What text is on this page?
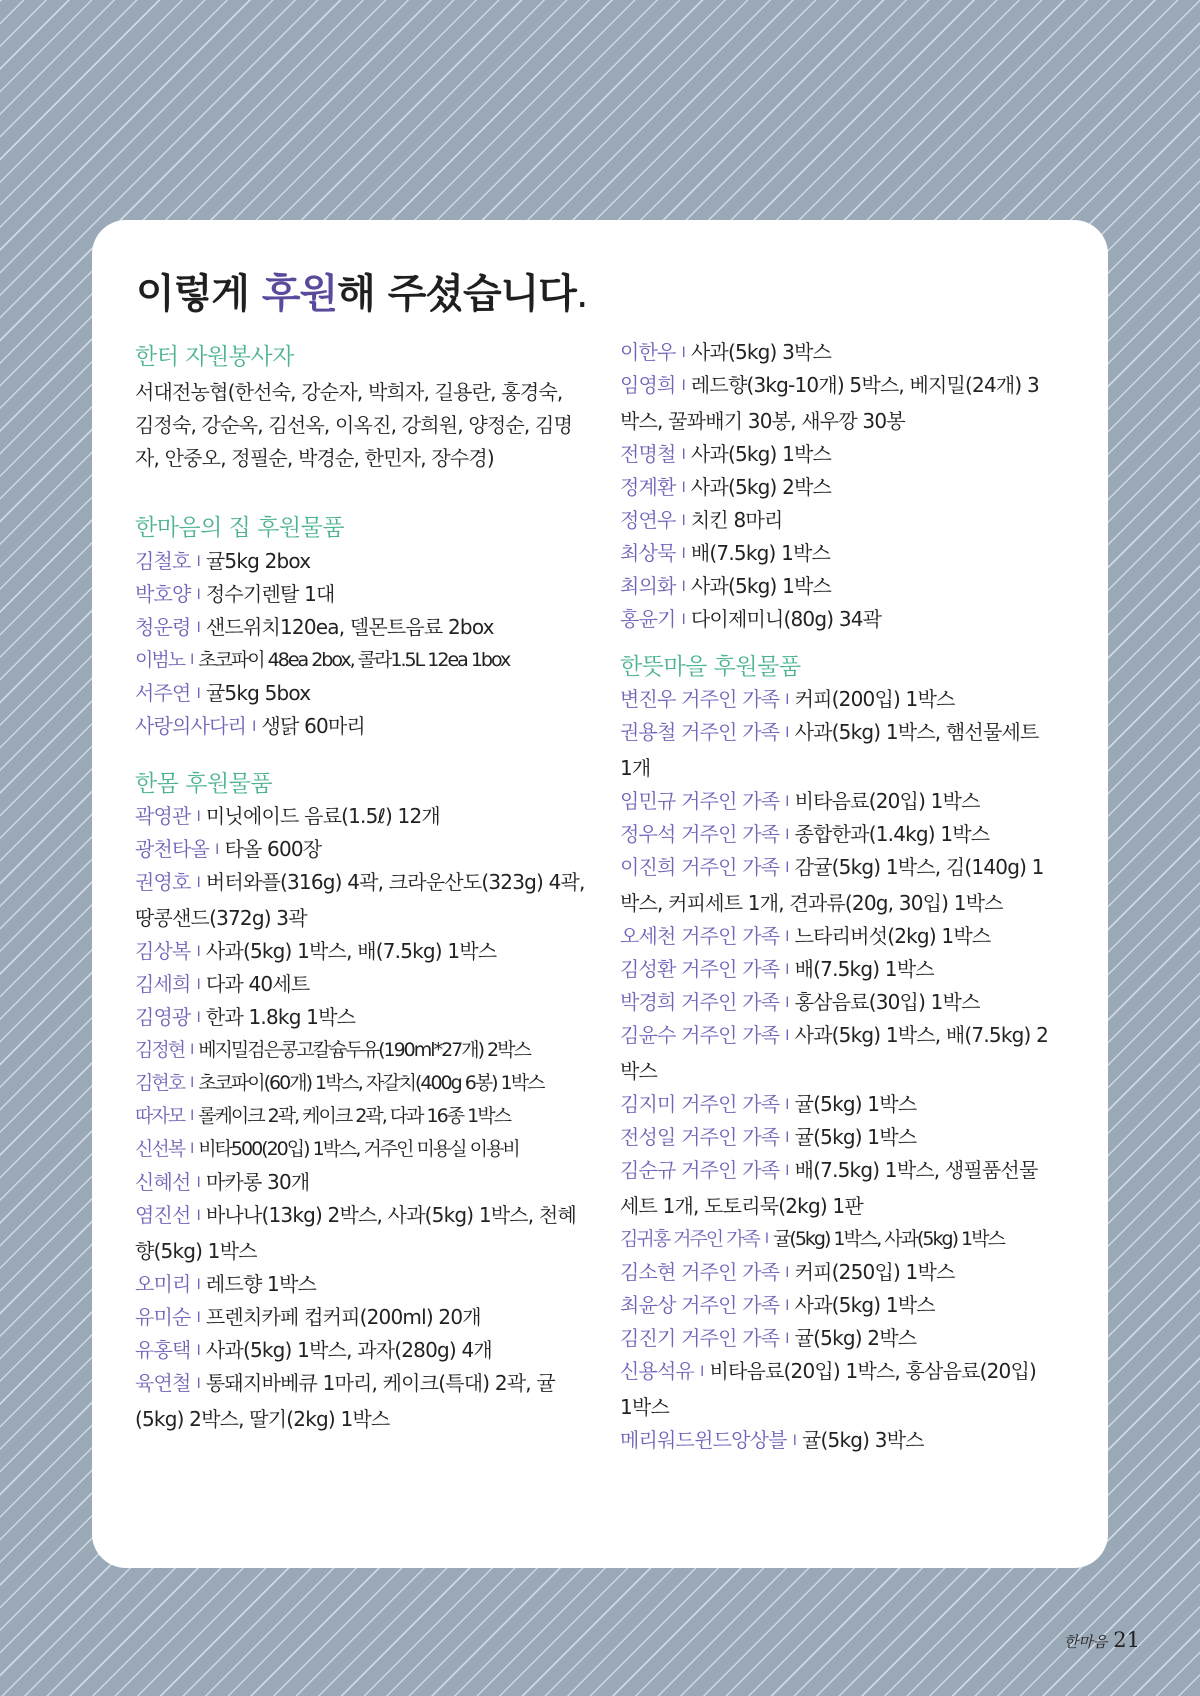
이렇게 후원해 주셨습니다.
한터 자원봉사자

서대전농협(한선숙, 강순자, 박희자, 길용란, 홍경숙, 김정숙, 강순옥, 김선옥, 이옥진, 강희원, 양정순, 김명자, 안중오, 정필순, 박경순, 한민자, 장수경)

한마음의 집 후원물품
김철호 I 귤5kg 2box
박호양 I 정수기렌탈 1대
청운령 I 샌드위치120ea, 델몬트음료 2box
이범노 I 초코파이 48ea 2box, 콜라1.5L 12ea 1box
서주연 I 귤5kg 5box
사랑의사다리 I 생닭 60마리
한몸 후원물품
곽영관 I 미닛에이드 음료(1.5ℓ) 12개
광천타올 I 타올 600장
권영호 I 버터와플(316g) 4곽, 크라운산도(323g) 4곽, 땅콩샌드(372g) 3곽
김상복 I 사과(5kg) 1박스, 배(7.5kg) 1박스
김세희 I 다과 40세트
김영광 I 한과 1.8kg 1박스
김정현 I 베지밀검은콩고칼슘두유(190ml*27개) 2박스
김현호 I 초코파이(60개) 1박스, 자갈치(400g 6봉) 1박스
따자모 I 롤케이크 2곽, 케이크 2곽, 다과 16종 1박스
신선복 I 비타500(20입) 1박스, 거주인 미용실 이용비
신혜선 I 마카롱 30개
염진선 I 바나나(13kg) 2박스, 사과(5kg) 1박스, 천혜향(5kg) 1박스
오미리 I 레드향 1박스
유미순 I 프렌치카페 컵커피(200ml) 20개
유홍택 I 사과(5kg) 1박스, 과자(280g) 4개
육연철 I 통돼지바베큐 1마리, 케이크(특대) 2곽, 귤(5kg) 2박스, 딸기(2kg) 1박스
이한우 I 사과(5kg) 3박스
임영희 I 레드향(3kg-10개) 5박스, 베지밀(24개) 3박스, 꿀꽈배기 30봉, 새우깡 30봉
전명철 I 사과(5kg) 1박스
정계환 I 사과(5kg) 2박스
정연우 I 치킨 8마리
최상묵 I 배(7.5kg) 1박스
최의화 I 사과(5kg) 1박스
홍윤기 I 다이제미니(80g) 34곽
한뜻마을 후원물품
변진우 거주인 가족 I 커피(200입) 1박스
권용철 거주인 가족 I 사과(5kg) 1박스, 햄선물세트 1개
임민규 거주인 가족 I 비타음료(20입) 1박스
정우석 거주인 가족 I 종합한과(1.4kg) 1박스
이진희 거주인 가족 I 감귤(5kg) 1박스, 김(140g) 1박스, 커피세트 1개, 견과류(20g, 30입) 1박스
오세천 거주인 가족 I 느타리버섯(2kg) 1박스
김성환 거주인 가족 I 배(7.5kg) 1박스
박경희 거주인 가족 I 홍삼음료(30입) 1박스
김윤수 거주인 가족 I 사과(5kg) 1박스, 배(7.5kg) 2박스
김지미 거주인 가족 I 귤(5kg) 1박스
전성일 거주인 가족 I 귤(5kg) 1박스
김순규 거주인 가족 I 배(7.5kg) 1박스, 생필품선물세트 1개, 도토리묵(2kg) 1판
김귀홍 거주인 가족 I 귤(5kg) 1박스, 사과(5kg) 1박스
김소현 거주인 가족 I 커피(250입) 1박스
최윤상 거주인 가족 I 사과(5kg) 1박스
김진기 거주인 가족 I 귤(5kg) 2박스
신용석유 I 비타음료(20입) 1박스, 홍삼음료(20입) 1박스
메리워드윈드앙상블 I 귤(5kg) 3박스
한마음 21
